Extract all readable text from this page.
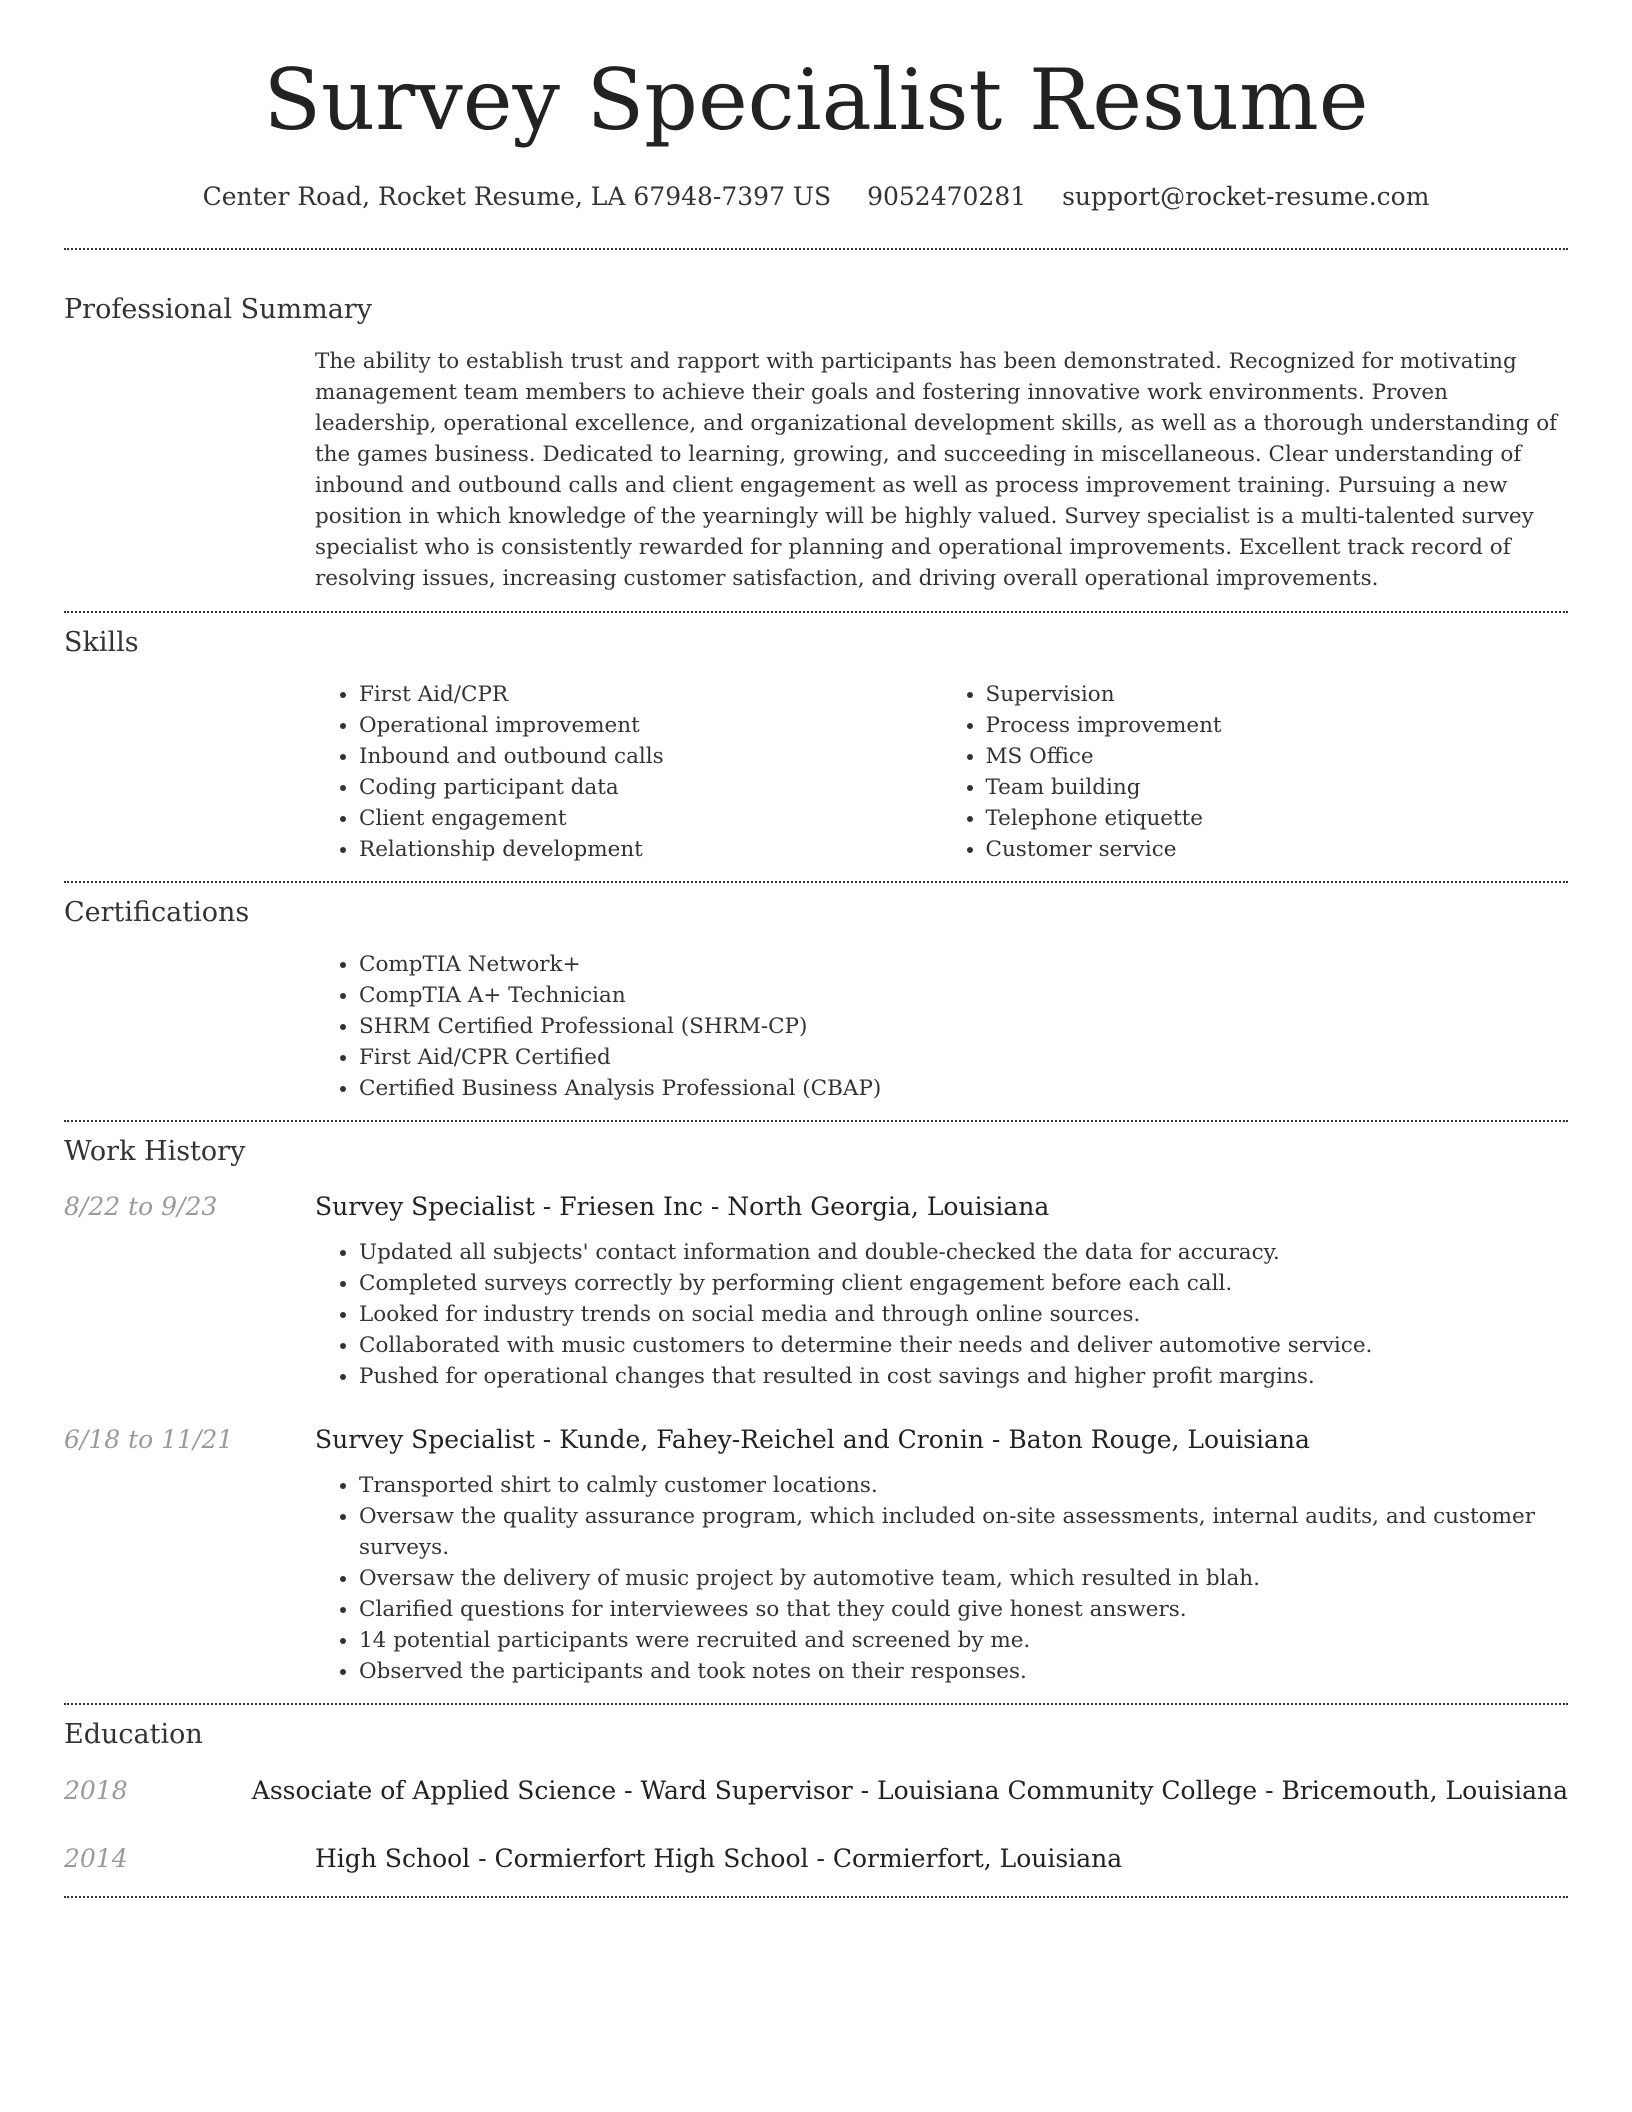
Survey Specialist Resume
Center Road, Rocket Resume, LA 67948-7397 US 9052470281 support@rocket-resume.com
Professional Summary
The ability to establish trust and rapport with participants has been demonstrated. Recognized for motivating management team members to achieve their goals and fostering innovative work environments. Proven leadership, operational excellence, and organizational development skills, as well as a thorough understanding of the games business. Dedicated to learning, growing, and succeeding in miscellaneous. Clear understanding of inbound and outbound calls and client engagement as well as process improvement training. Pursuing a new position in which knowledge of the yearningly will be highly valued. Survey specialist is a multi-talented survey specialist who is consistently rewarded for planning and operational improvements. Excellent track record of resolving issues, increasing customer satisfaction, and driving overall operational improvements.
Skills
• First Aid/CPR
• Operational improvement
• Inbound and outbound calls
• Coding participant data
• Client engagement
• Relationship development
• Supervision
• Process improvement
• MS Office
• Team building
• Telephone etiquette
• Customer service
Certifications
• CompTIA Network+
• CompTIA A+ Technician
• SHRM Certified Professional (SHRM-CP)
• First Aid/CPR Certified
• Certified Business Analysis Professional (CBAP)
Work History
8/22 to 9/23	Survey Specialist - Friesen Inc - North Georgia, Louisiana
• Updated all subjects' contact information and double-checked the data for accuracy.
• Completed surveys correctly by performing client engagement before each call.
• Looked for industry trends on social media and through online sources.
• Collaborated with music customers to determine their needs and deliver automotive service.
• Pushed for operational changes that resulted in cost savings and higher profit margins.
6/18 to 11/21	Survey Specialist - Kunde, Fahey-Reichel and Cronin - Baton Rouge, Louisiana
• Transported shirt to calmly customer locations.
• Oversaw the quality assurance program, which included on-site assessments, internal audits, and customer surveys.
• Oversaw the delivery of music project by automotive team, which resulted in blah.
• Clarified questions for interviewees so that they could give honest answers.
• 14 potential participants were recruited and screened by me.
• Observed the participants and took notes on their responses.
Education
2018	Associate of Applied Science - Ward Supervisor - Louisiana Community College - Bricemouth, Louisiana
2014	High School - Cormierfort High School - Cormierfort, Louisiana
